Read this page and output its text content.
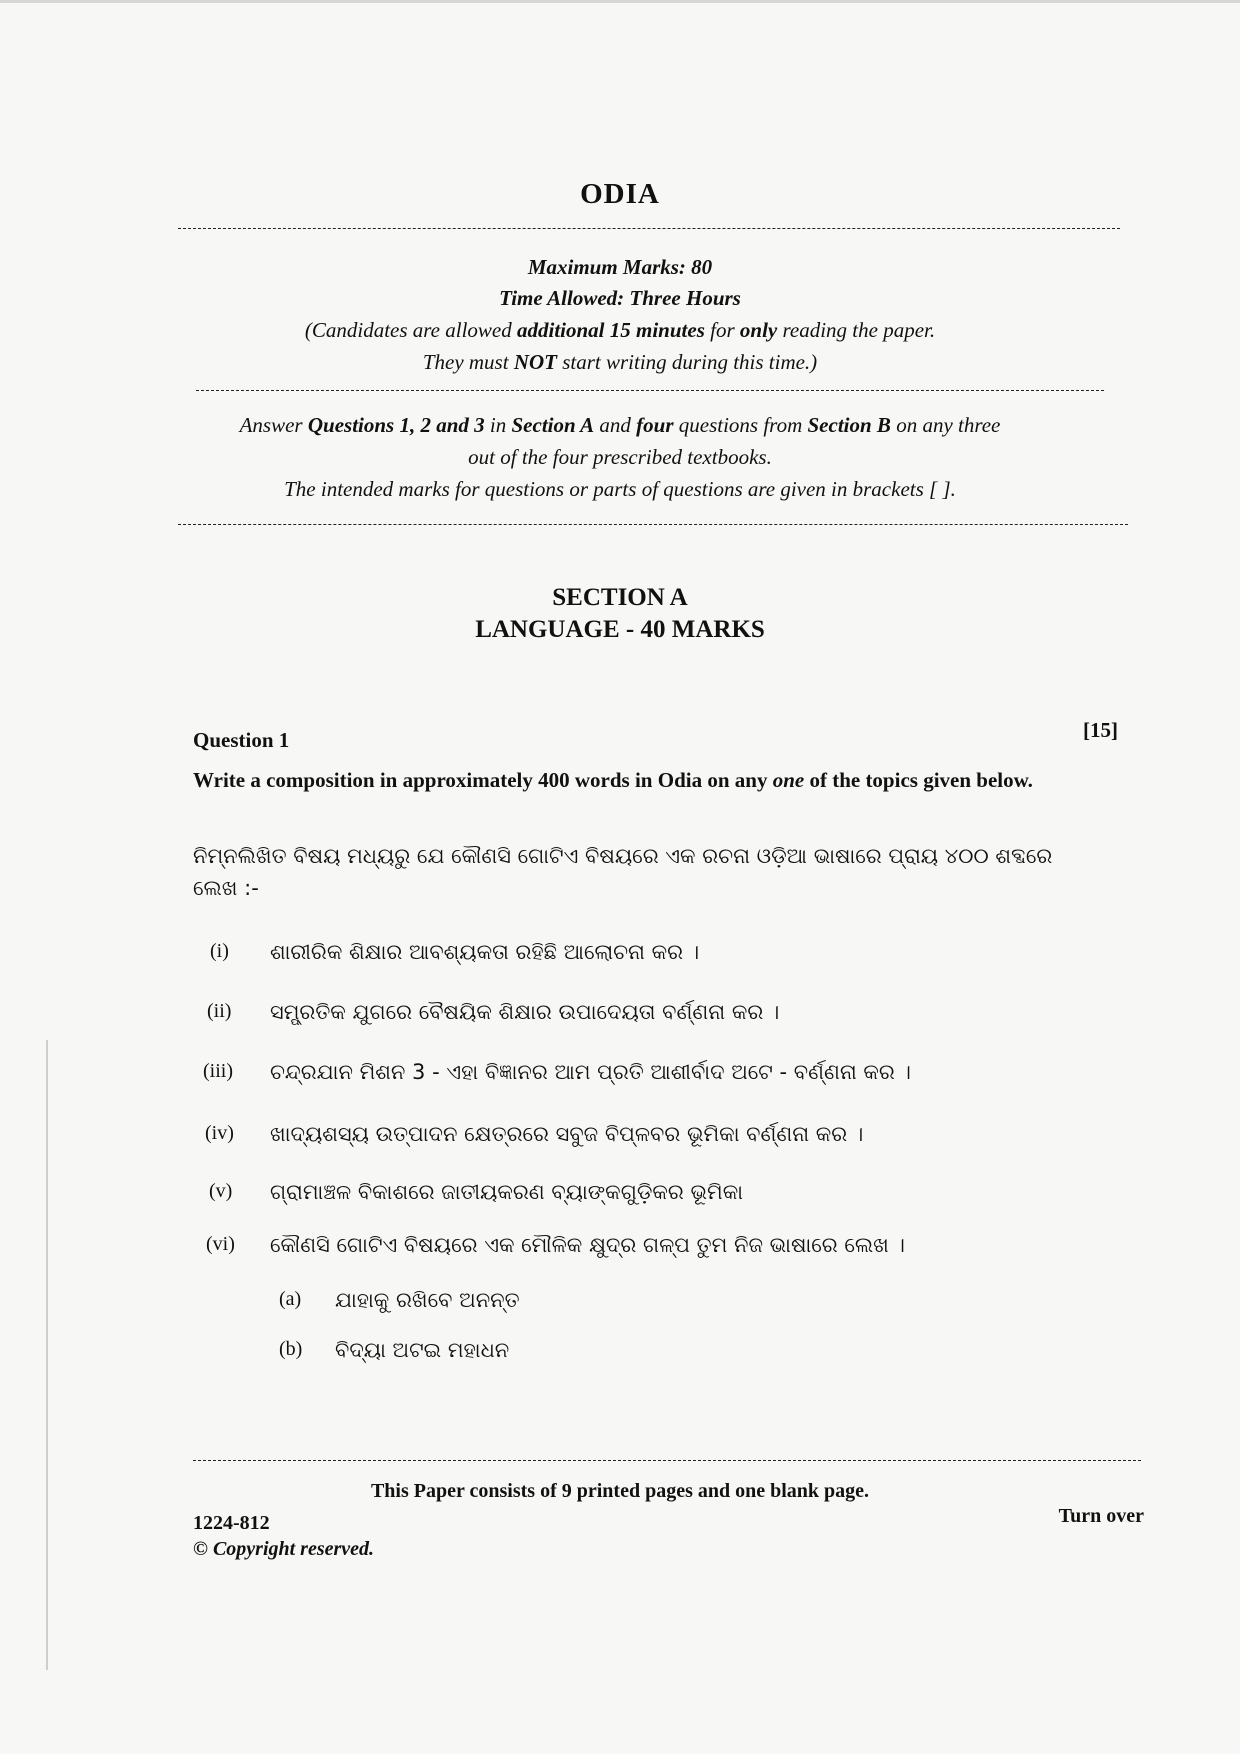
ODIA
Maximum Marks: 80
Time Allowed: Three Hours
(Candidates are allowed additional 15 minutes for only reading the paper.
They must NOT start writing during this time.)
Answer Questions 1, 2 and 3 in Section A and four questions from Section B on any three
out of the four prescribed textbooks.
The intended marks for questions or parts of questions are given in brackets [ ].
SECTION A
LANGUAGE - 40 MARKS
Question 1	[15]
Write a composition in approximately 400 words in Odia on any one of the topics given below.
ନିମ୍ନଲିଖିତ ବିଷୟ ମଧ୍ୟରୁ ଯେ କୌଣସି ଗୋଟିଏ ବିଷୟରେ ଏକ ରଚନା ଓଡ଼ିଆ ଭାଷାରେ ପ୍ରାୟ ୪୦୦ ଶବ୍ଦରେ ଲେଖ :-
(i)	ଶାରୀରିକ ଶିକ୍ଷାର ଆବଶ୍ୟକତା ରହିଛି ଆଲୋଚନା କର ।
(ii)	ସମ୍ପ୍ରତିକ ଯୁଗରେ ବୈଷୟିକ ଶିକ୍ଷାର ଉପାଦେୟତା ବର୍ଣ୍ଣନା କର ।
(iii)	ଚନ୍ଦ୍ରଯାନ ମିଶନ 3 - ଏହା ବିଜ୍ଞାନର ଆମ ପ୍ରତି ଆଶୀର୍ବାଦ ଅଟେ - ବର୍ଣ୍ଣନା କର ।
(iv)	ଖାଦ୍ୟଶସ୍ୟ ଉତ୍ପାଦନ କ୍ଷେତ୍ରରେ ସବୁଜ ବିପ୍ଳବର ଭୂମିକା ବର୍ଣ୍ଣନା କର ।
(v)	ଗ୍ରାମାଞ୍ଚଳ ବିକାଶରେ ଜାତୀୟକରଣ ବ୍ୟାଙ୍କଗୁଡ଼ିକର ଭୂମିକା
(vi)	କୌଣସି ଗୋଟିଏ ବିଷୟରେ ଏକ ମୌଳିକ କ୍ଷୁଦ୍ର ଗଳ୍ପ ତୁମ ନିଜ ଭାଷାରେ ଲେଖ ।
(a)	ଯାହାକୁ ରଖିବେ ଅନନ୍ତ
(b)	ବିଦ୍ୟା ଅଟଇ ମହାଧନ
This Paper consists of 9 printed pages and one blank page.
1224-812	Turn over
© Copyright reserved.
